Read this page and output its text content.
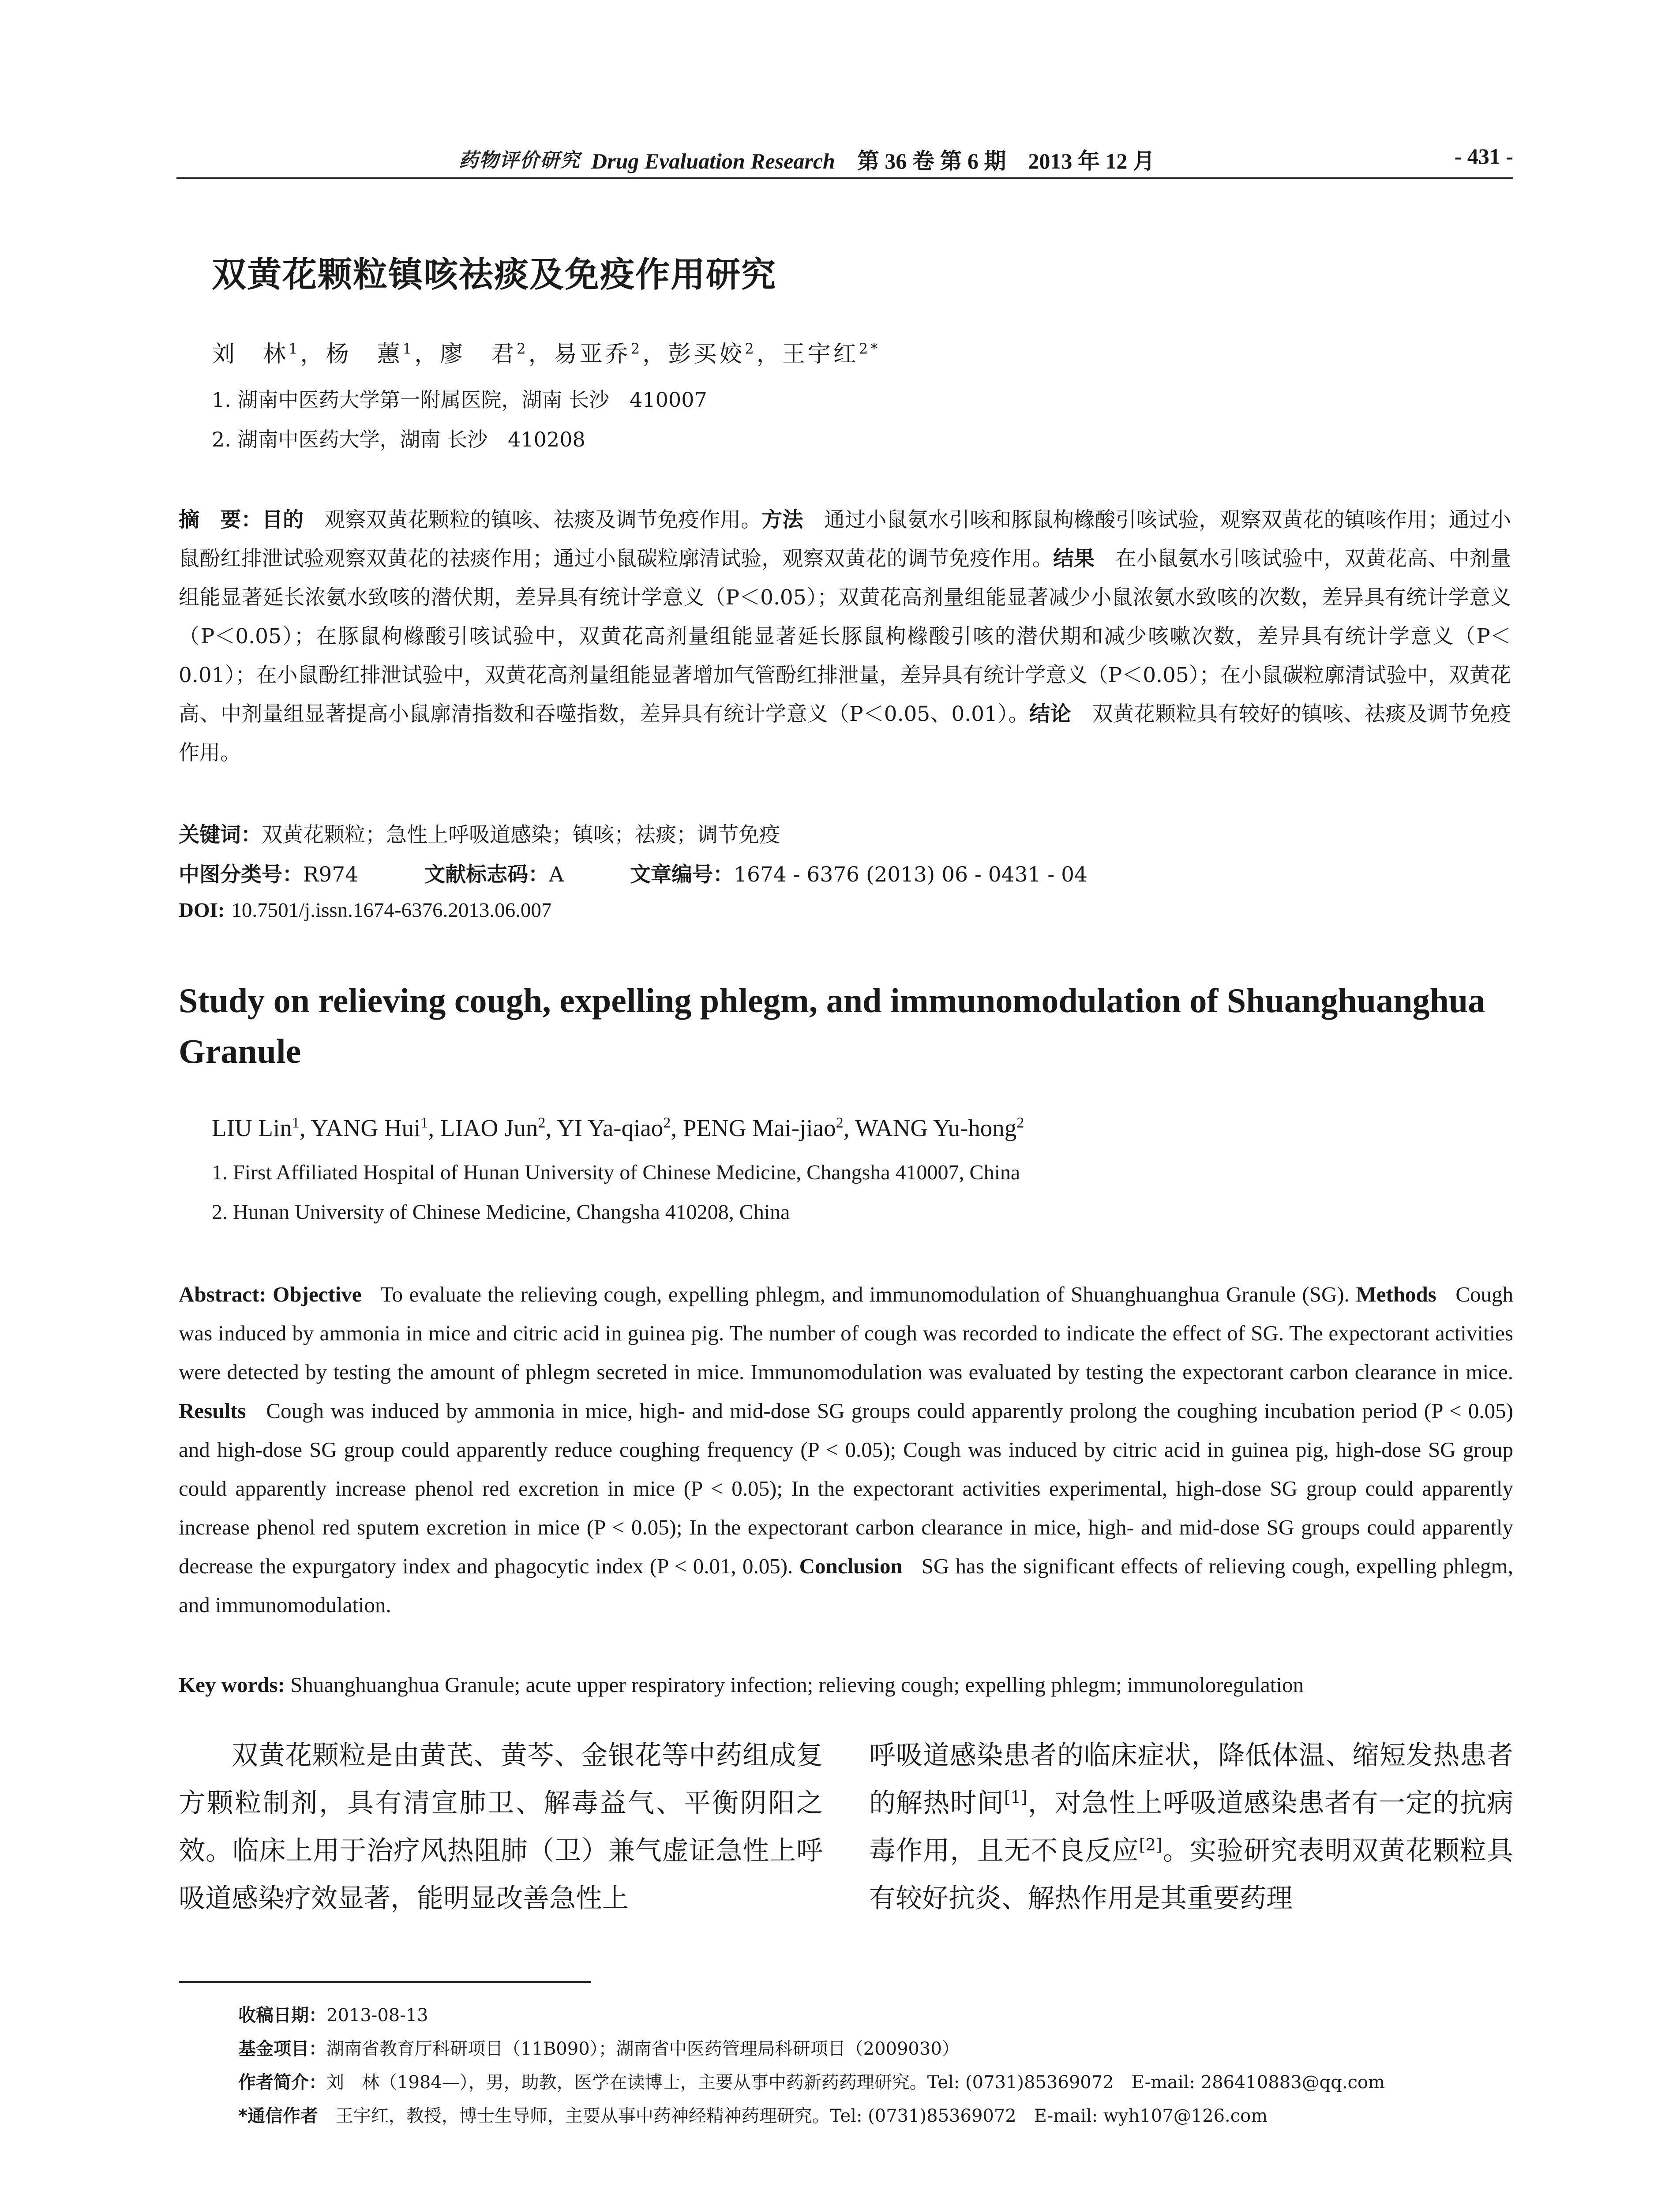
药物评价研究 Drug Evaluation Research　 第 36 卷 第 6 期　2013 年 12 月	- 431 -
双黄花颗粒镇咳祛痰及免疫作用研究
刘　林$^1$，杨　蕙$^1$，廖　君$^2$，易亚乔$^2$，彭买姣$^2$，王宇红$^{2*}$
1. 湖南中医药大学第一附属医院，湖南 长沙　410007
2. 湖南中医药大学，湖南 长沙　410208
摘　要：目的　 观察双黄花颗粒的镇咳、祛痰及调节免疫作用。方法　 通过小鼠氨水引咳和豚鼠枸橼酸引咳试验，观察双黄花的镇咳作用；通过小鼠酚红排泄试验观察双黄花的祛痰作用；通过小鼠碳粒廓清试验，观察双黄花的调节免疫作用。结果　 在小鼠氨水引咳试验中，双黄花高、中剂量组能显著延长浓氨水致咳的潜伏期，差异具有统计学意义（P＜0.05）；双黄花高剂量组能显著减少小鼠浓氨水致咳的次数，差异具有统计学意义（P＜0.05）；在豚鼠枸橼酸引咳试验中，双黄花高剂量组能显著延长豚鼠枸橼酸引咳的潜伏期和减少咳嗽次数，差异具有统计学意义（P＜0.01）；在小鼠酚红排泄试验中，双黄花高剂量组能显著增加气管酚红排泄量，差异具有统计学意义（P＜0.05）；在小鼠碳粒廓清试验中，双黄花高、中剂量组显著提高小鼠廓清指数和吞噬指数，差异具有统计学意义（P＜0.05、0.01）。结论　 双黄花颗粒具有较好的镇咳、祛痰及调节免疫作用。
关键词：双黄花颗粒；急性上呼吸道感染；镇咳；祛痰；调节免疫
中图分类号：R974	文献标志码：A	文章编号：1674 - 6376 (2013) 06 - 0431 - 04
DOI: 10.7501/j.issn.1674-6376.2013.06.007
Study on relieving cough, expelling phlegm, and immunomodulation of Shuanghuanghua Granule
LIU Lin$^1$, YANG Hui$^1$, LIAO Jun$^2$, YI Ya-qiao$^2$, PENG Mai-jiao$^2$, WANG Yu-hong$^2$
1. First Affiliated Hospital of Hunan University of Chinese Medicine, Changsha 410007, China
2. Hunan University of Chinese Medicine, Changsha 410208, China
Abstract: Objective To evaluate the relieving cough, expelling phlegm, and immunomodulation of Shuanghuanghua Granule (SG). Methods Cough was induced by ammonia in mice and citric acid in guinea pig. The number of cough was recorded to indicate the effect of SG. The expectorant activities were detected by testing the amount of phlegm secreted in mice. Immunomodulation was evaluated by testing the expectorant carbon clearance in mice. Results Cough was induced by ammonia in mice, high- and mid-dose SG groups could apparently prolong the coughing incubation period (P < 0.05) and high-dose SG group could apparently reduce coughing frequency (P < 0.05); Cough was induced by citric acid in guinea pig, high-dose SG group could apparently increase phenol red excretion in mice (P < 0.05); In the expectorant activities experimental, high-dose SG group could apparently increase phenol red sputem excretion in mice (P < 0.05); In the expectorant carbon clearance in mice, high- and mid-dose SG groups could apparently decrease the expurgatory index and phagocytic index (P < 0.01, 0.05). Conclusion SG has the significant effects of relieving cough, expelling phlegm, and immunomodulation.
Key words: Shuanghuanghua Granule; acute upper respiratory infection; relieving cough; expelling phlegm; immunoloregulation
双黄花颗粒是由黄芪、黄芩、金银花等中药组成复方颗粒制剂，具有清宣肺卫、解毒益气、平衡阴阳之效。临床上用于治疗风热阻肺（卫）兼气虚证急性上呼吸道感染疗效显著，能明显改善急性上
呼吸道感染患者的临床症状，降低体温、缩短发热患者的解热时间[1]，对急性上呼吸道感染患者有一定的抗病毒作用，且无不良反应[2]。实验研究表明双黄花颗粒具有较好抗炎、解热作用是其重要药理
收稿日期：2013-08-13
基金项目：湖南省教育厅科研项目（11B090）；湖南省中医药管理局科研项目（2009030）
作者简介：刘　林（1984—），男，助教，医学在读博士，主要从事中药新药药理研究。Tel: (0731)85369072　E-mail: 286410883@qq.com
*通信作者　 王宇红，教授，博士生导师，主要从事中药神经精神药理研究。Tel: (0731)85369072　E-mail: wyh107@126.com
